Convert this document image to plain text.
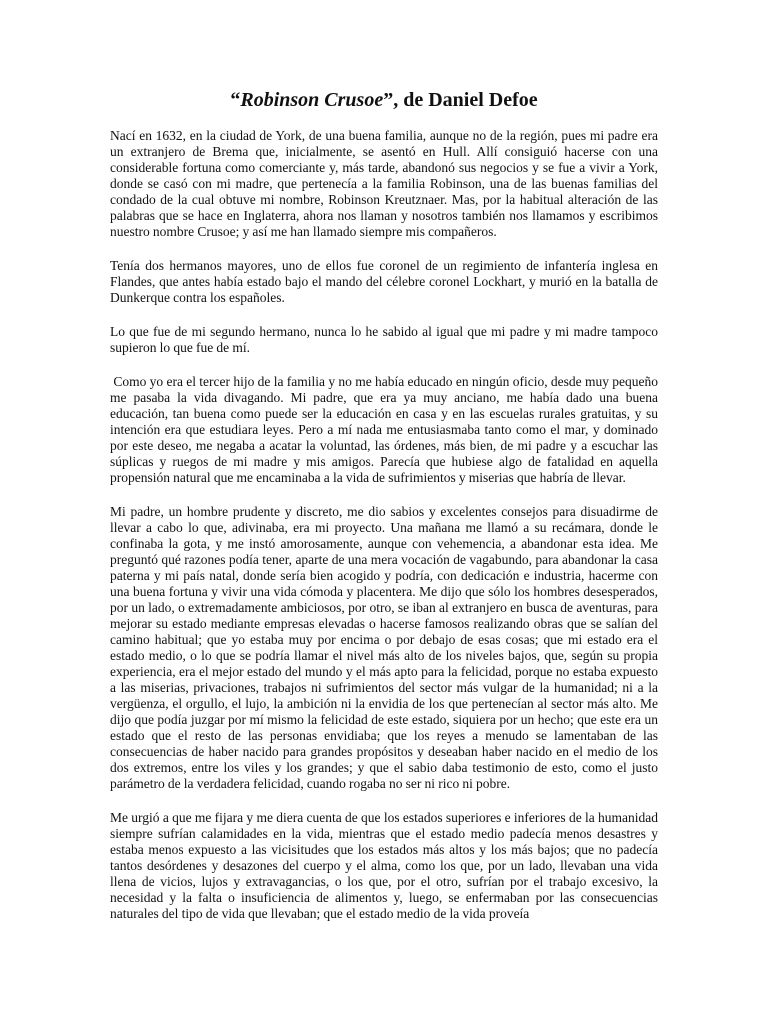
“Robinson Crusoe”, de Daniel Defoe

Nací en 1632, en la ciudad de York, de una buena familia, aunque no de la región, pues mi padre era un extranjero de Brema que, inicialmente, se asentó en Hull. Allí consiguió hacerse con una considerable fortuna como comerciante y, más tarde, abandonó sus negocios y se fue a vivir a York, donde se casó con mi madre, que pertenecía a la familia Robinson, una de las buenas familias del condado de la cual obtuve mi nombre, Robinson Kreutznaer. Mas, por la habitual alteración de las palabras que se hace en Inglaterra, ahora nos llaman y nosotros también nos llamamos y escribimos nuestro nombre Crusoe; y así me han llamado siempre mis compañeros.

Tenía dos hermanos mayores, uno de ellos fue coronel de un regimiento de infantería inglesa en Flandes, que antes había estado bajo el mando del célebre coronel Lockhart, y murió en la batalla de Dunkerque contra los españoles.

Lo que fue de mi segundo hermano, nunca lo he sabido al igual que mi padre y mi madre tampoco supieron lo que fue de mí.

Como yo era el tercer hijo de la familia y no me había educado en ningún oficio, desde muy pequeño me pasaba la vida divagando. Mi padre, que era ya muy anciano, me había dado una buena educación, tan buena como puede ser la educación en casa y en las escuelas rurales gratuitas, y su intención era que estudiara leyes. Pero a mí nada me entusiasmaba tanto como el mar, y dominado por este deseo, me negaba a acatar la voluntad, las órdenes, más bien, de mi padre y a escuchar las súplicas y ruegos de mi madre y mis amigos. Parecía que hubiese algo de fatalidad en aquella propensión natural que me encaminaba a la vida de sufrimientos y miserias que habría de llevar.

Mi padre, un hombre prudente y discreto, me dio sabios y excelentes consejos para disuadirme de llevar a cabo lo que, adivinaba, era mi proyecto. Una mañana me llamó a su recámara, donde le confinaba la gota, y me instó amorosamente, aunque con vehemencia, a abandonar esta idea. Me preguntó qué razones podía tener, aparte de una mera vocación de vagabundo, para abandonar la casa paterna y mi país natal, donde sería bien acogido y podría, con dedicación e industria, hacerme con una buena fortuna y vivir una vida cómoda y placentera. Me dijo que sólo los hombres desesperados, por un lado, o extremadamente ambiciosos, por otro, se iban al extranjero en busca de aventuras, para mejorar su estado mediante empresas elevadas o hacerse famosos realizando obras que se salían del camino habitual; que yo estaba muy por encima o por debajo de esas cosas; que mi estado era el estado medio, o lo que se podría llamar el nivel más alto de los niveles bajos, que, según su propia experiencia, era el mejor estado del mundo y el más apto para la felicidad, porque no estaba expuesto a las miserias, privaciones, trabajos ni sufrimientos del sector más vulgar de la humanidad; ni a la vergüenza, el orgullo, el lujo, la ambición ni la envidia de los que pertenecían al sector más alto. Me dijo que podía juzgar por mí mismo la felicidad de este estado, siquiera por un hecho; que este era un estado que el resto de las personas envidiaba; que los reyes a menudo se lamentaban de las consecuencias de haber nacido para grandes propósitos y deseaban haber nacido en el medio de los dos extremos, entre los viles y los grandes; y que el sabio daba testimonio de esto, como el justo parámetro de la verdadera felicidad, cuando rogaba no ser ni rico ni pobre.

Me urgió a que me fijara y me diera cuenta de que los estados superiores e inferiores de la humanidad siempre sufrían calamidades en la vida, mientras que el estado medio padecía menos desastres y estaba menos expuesto a las vicisitudes que los estados más altos y los más bajos; que no padecía tantos desórdenes y desazones del cuerpo y el alma, como los que, por un lado, llevaban una vida llena de vicios, lujos y extravagancias, o los que, por el otro, sufrían por el trabajo excesivo, la necesidad y la falta o insuficiencia de alimentos y, luego, se enfermaban por las consecuencias naturales del tipo de vida que llevaban; que el estado medio de la vida proveía
